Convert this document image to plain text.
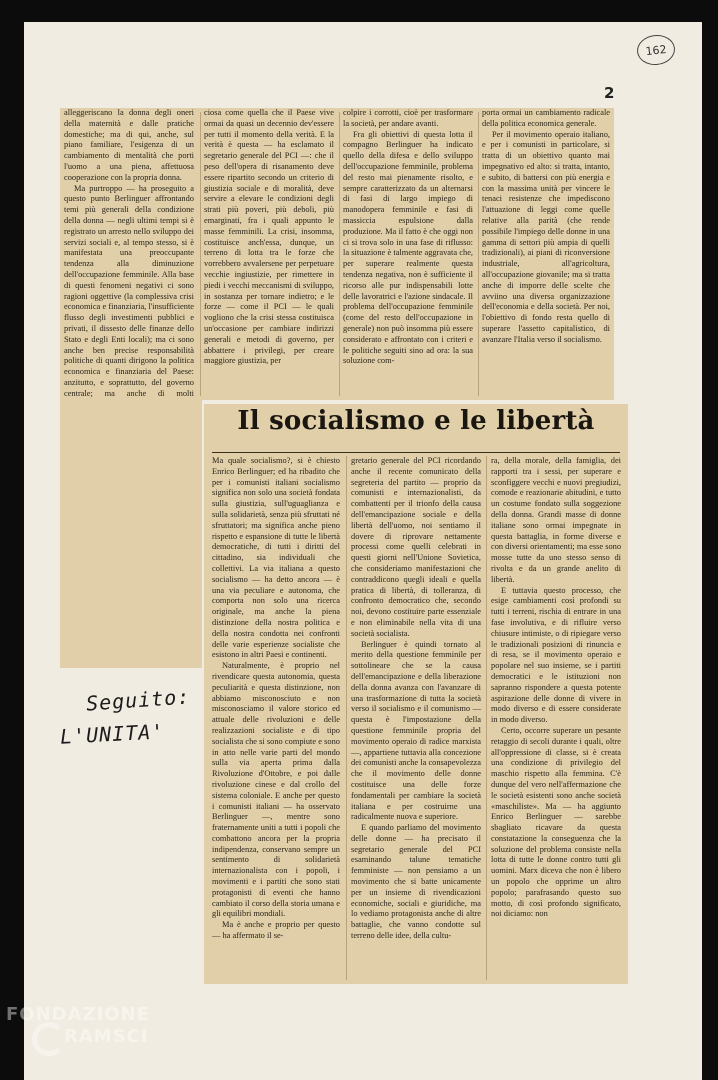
162
2

alleggeriscano la donna degli oneri della maternità e dalle pratiche domestiche; ma di qui, anche, sul piano familiare, l'esigenza di un cambiamento di mentalità che porti l'uomo a una piena, affettuosa cooperazione con la propria donna.

Ma purtroppo — ha proseguito a questo punto Berlinguer affrontando temi più generali della condizione della donna — negli ultimi tempi si è registrato un arresto nello sviluppo dei servizi sociali e, al tempo stesso, si è manifestata una preoccupante tendenza alla diminuzione dell'occupazione femminile. Alla base di questi fenomeni negativi ci sono ragioni oggettive (la complessiva crisi economica e finanziaria, l'insufficiente flusso degli investimenti pubblici e privati, il dissesto delle finanze dello Stato e degli Enti locali); ma ci sono anche ben precise responsabilità politiche di quanti dirigono la politica economica e finanziaria del Paese: anzitutto, e soprattutto, del governo centrale; ma anche di molti

ciosa come quella che il Paese vive ormai da quasi un decennio dev'essere per tutti il momento della verità. E la verità è questa — ha esclamato il segretario generale del PCI —: che il peso dell'opera di risanamento deve essere ripartito secondo un criterio di giustizia sociale e di moralità, deve servire a elevare le condizioni degli strati più poveri, più deboli, più emarginati, fra i quali appunto le masse femminili. La crisi, insomma, costituisce anch'essa, dunque, un terreno di lotta tra le forze che vorrebbero avvalersene per perpetuare vecchie ingiustizie, per rimettere in piedi i vecchi meccanismi di sviluppo, in sostanza per tornare indietro; e le forze — come il PCI — le quali vogliono che la crisi stessa costituisca un'occasione per cambiare indirizzi generali e metodi di governo, per abbattere i privilegi, per creare maggiore giustizia, per

colpire i corrotti, cioè per trasformare la società, per andare avanti.

Fra gli obiettivi di questa lotta il compagno Berlinguer ha indicato quello della difesa e dello sviluppo dell'occupazione femminile, problema del resto mai pienamente risolto, e sempre caratterizzato da un alternarsi di fasi di largo impiego di manodopera femminile e fasi di massiccia espulsione dalla produzione. Ma il fatto è che oggi non ci si trova solo in una fase di riflusso: la situazione è talmente aggravata che, per superare realmente questa tendenza negativa, non è sufficiente il ricorso alle pur indispensabili lotte delle lavoratrici e l'azione sindacale. Il problema dell'occupazione femminile (come del resto dell'occupazione in generale) non può insomma più essere considerato e affrontato con i criteri e le politiche seguiti sino ad ora: la sua soluzione com-

porta ormai un cambiamento radicale della politica economica generale.

Per il movimento operaio italiano, e per i comunisti in particolare, si tratta di un obiettivo quanto mai impegnativo ed alto: si tratta, intanto, e subito, di battersi con più energia e con la massima unità per vincere le tenaci resistenze che impediscono l'attuazione di leggi come quelle relative alla parità (che rende possibile l'impiego delle donne in una gamma di settori più ampia di quelli tradizionali), ai piani di riconversione industriale, all'agricoltura, all'occupazione giovanile; ma si tratta anche di imporre delle scelte che avviino una diversa organizzazione dell'economia e della società. Per noi, l'obiettivo di fondo resta quello di superare l'assetto capitalistico, di avanzare l'Italia verso il socialismo.

Il socialismo e le libertà

Ma quale socialismo?, si è chiesto Enrico Berlinguer; ed ha ribadito che per i comunisti italiani socialismo significa non solo una società fondata sulla giustizia, sull'uguaglianza e sulla solidarietà, senza più sfruttati né sfruttatori; ma significa anche pieno rispetto e espansione di tutte le libertà democratiche, di tutti i diritti del cittadino, sia individuali che collettivi. La via italiana a questo socialismo — ha detto ancora — è una via peculiare e autonoma, che comporta non solo una ricerca originale, ma anche la piena distinzione della nostra politica e della nostra condotta nei confronti delle varie esperienze socialiste che esistono in altri Paesi e continenti.

Naturalmente, è proprio nel rivendicare questa autonomia, questa peculiarità e questa distinzione, non abbiamo misconosciuto e non misconosciamo il valore storico ed attuale delle rivoluzioni e delle realizzazioni socialiste e di tipo socialista che si sono compiute e sono in atto nelle varie parti del mondo sulla via aperta prima dalla Rivoluzione d'Ottobre, e poi dalle rivoluzione cinese e dal crollo del sistema coloniale. E anche per questo i comunisti italiani — ha osservato Berlinguer —, mentre sono fraternamente uniti a tutti i popoli che combattono ancora per la propria indipendenza, conservano sempre un sentimento di solidarietà internazionalista con i popoli, i movimenti e i partiti che sono stati protagonisti di eventi che hanno cambiato il corso della storia umana e gli equilibri mondiali.

Ma è anche e proprio per questo — ha affermato il se-

gretario generale del PCI ricordando anche il recente comunicato della segreteria del partito — proprio da comunisti e internazionalisti, da combattenti per il trionfo della causa dell'emancipazione sociale e della libertà dell'uomo, noi sentiamo il dovere di riprovare nettamente processi come quelli celebrati in questi giorni nell'Unione Sovietica, che consideriamo manifestazioni che contraddicono quegli ideali e quella pratica di libertà, di tolleranza, di confronto democratico che, secondo noi, devono costituire parte essenziale e non eliminabile nella vita di una società socialista.

Berlinguer è quindi tornato al merito della questione femminile per sottolineare che se la causa dell'emancipazione e della liberazione della donna avanza con l'avanzare di una trasformazione di tutta la società verso il socialismo e il comunismo — questa è l'impostazione della questione femminile propria del movimento operaio di radice marxista —, appartiene tuttavia alla concezione dei comunisti anche la consapevolezza che il movimento delle donne costituisce una delle forze fondamentali per cambiare la società italiana e per costruirne una radicalmente nuova e superiore.

E quando parliamo del movimento delle donne — ha precisato il segretario generale del PCI esaminando talune tematiche femministe — non pensiamo a un movimento che si batte unicamente per un insieme di rivendicazioni economiche, sociali e giuridiche, ma lo vediamo protagonista anche di altre battaglie, che vanno condotte sul terreno delle idee, della cultu-

ra, della morale, della famiglia, dei rapporti tra i sessi, per superare e sconfiggere vecchi e nuovi pregiudizi, comode e reazionarie abitudini, e tutto un costume fondato sulla soggezione della donna. Grandi masse di donne italiane sono ormai impegnate in questa battaglia, in forme diverse e con diversi orientamenti; ma esse sono mosse tutte da uno stesso senso di rivolta e da un grande anelito di libertà.

E tuttavia questo processo, che esige cambiamenti così profondi su tutti i terreni, rischia di entrare in una fase involutiva, e di rifluire verso chiusure intimiste, o di ripiegare verso le tradizionali posizioni di rinuncia e di resa, se il movimento operaio e popolare nel suo insieme, se i partiti democratici e le istituzioni non sapranno rispondere a questa potente aspirazione delle donne di vivere in modo diverso e di essere considerate in modo diverso.

Certo, occorre superare un pesante retaggio di secoli durante i quali, oltre all'oppressione di classe, si è creata una condizione di privilegio del maschio rispetto alla femmina. C'è dunque del vero nell'affermazione che le società esistenti sono anche società «maschiliste». Ma — ha aggiunto Enrico Berlinguer — sarebbe sbagliato ricavare da questa constatazione la conseguenza che la soluzione del problema consiste nella lotta di tutte le donne contro tutti gli uomini. Marx diceva che non è libero un popolo che opprime un altro popolo; parafrasando questo suo motto, di così profondo significato, noi diciamo: non

Seguito:
L'UNITA'
FONDAZIONE
RAMSCI
